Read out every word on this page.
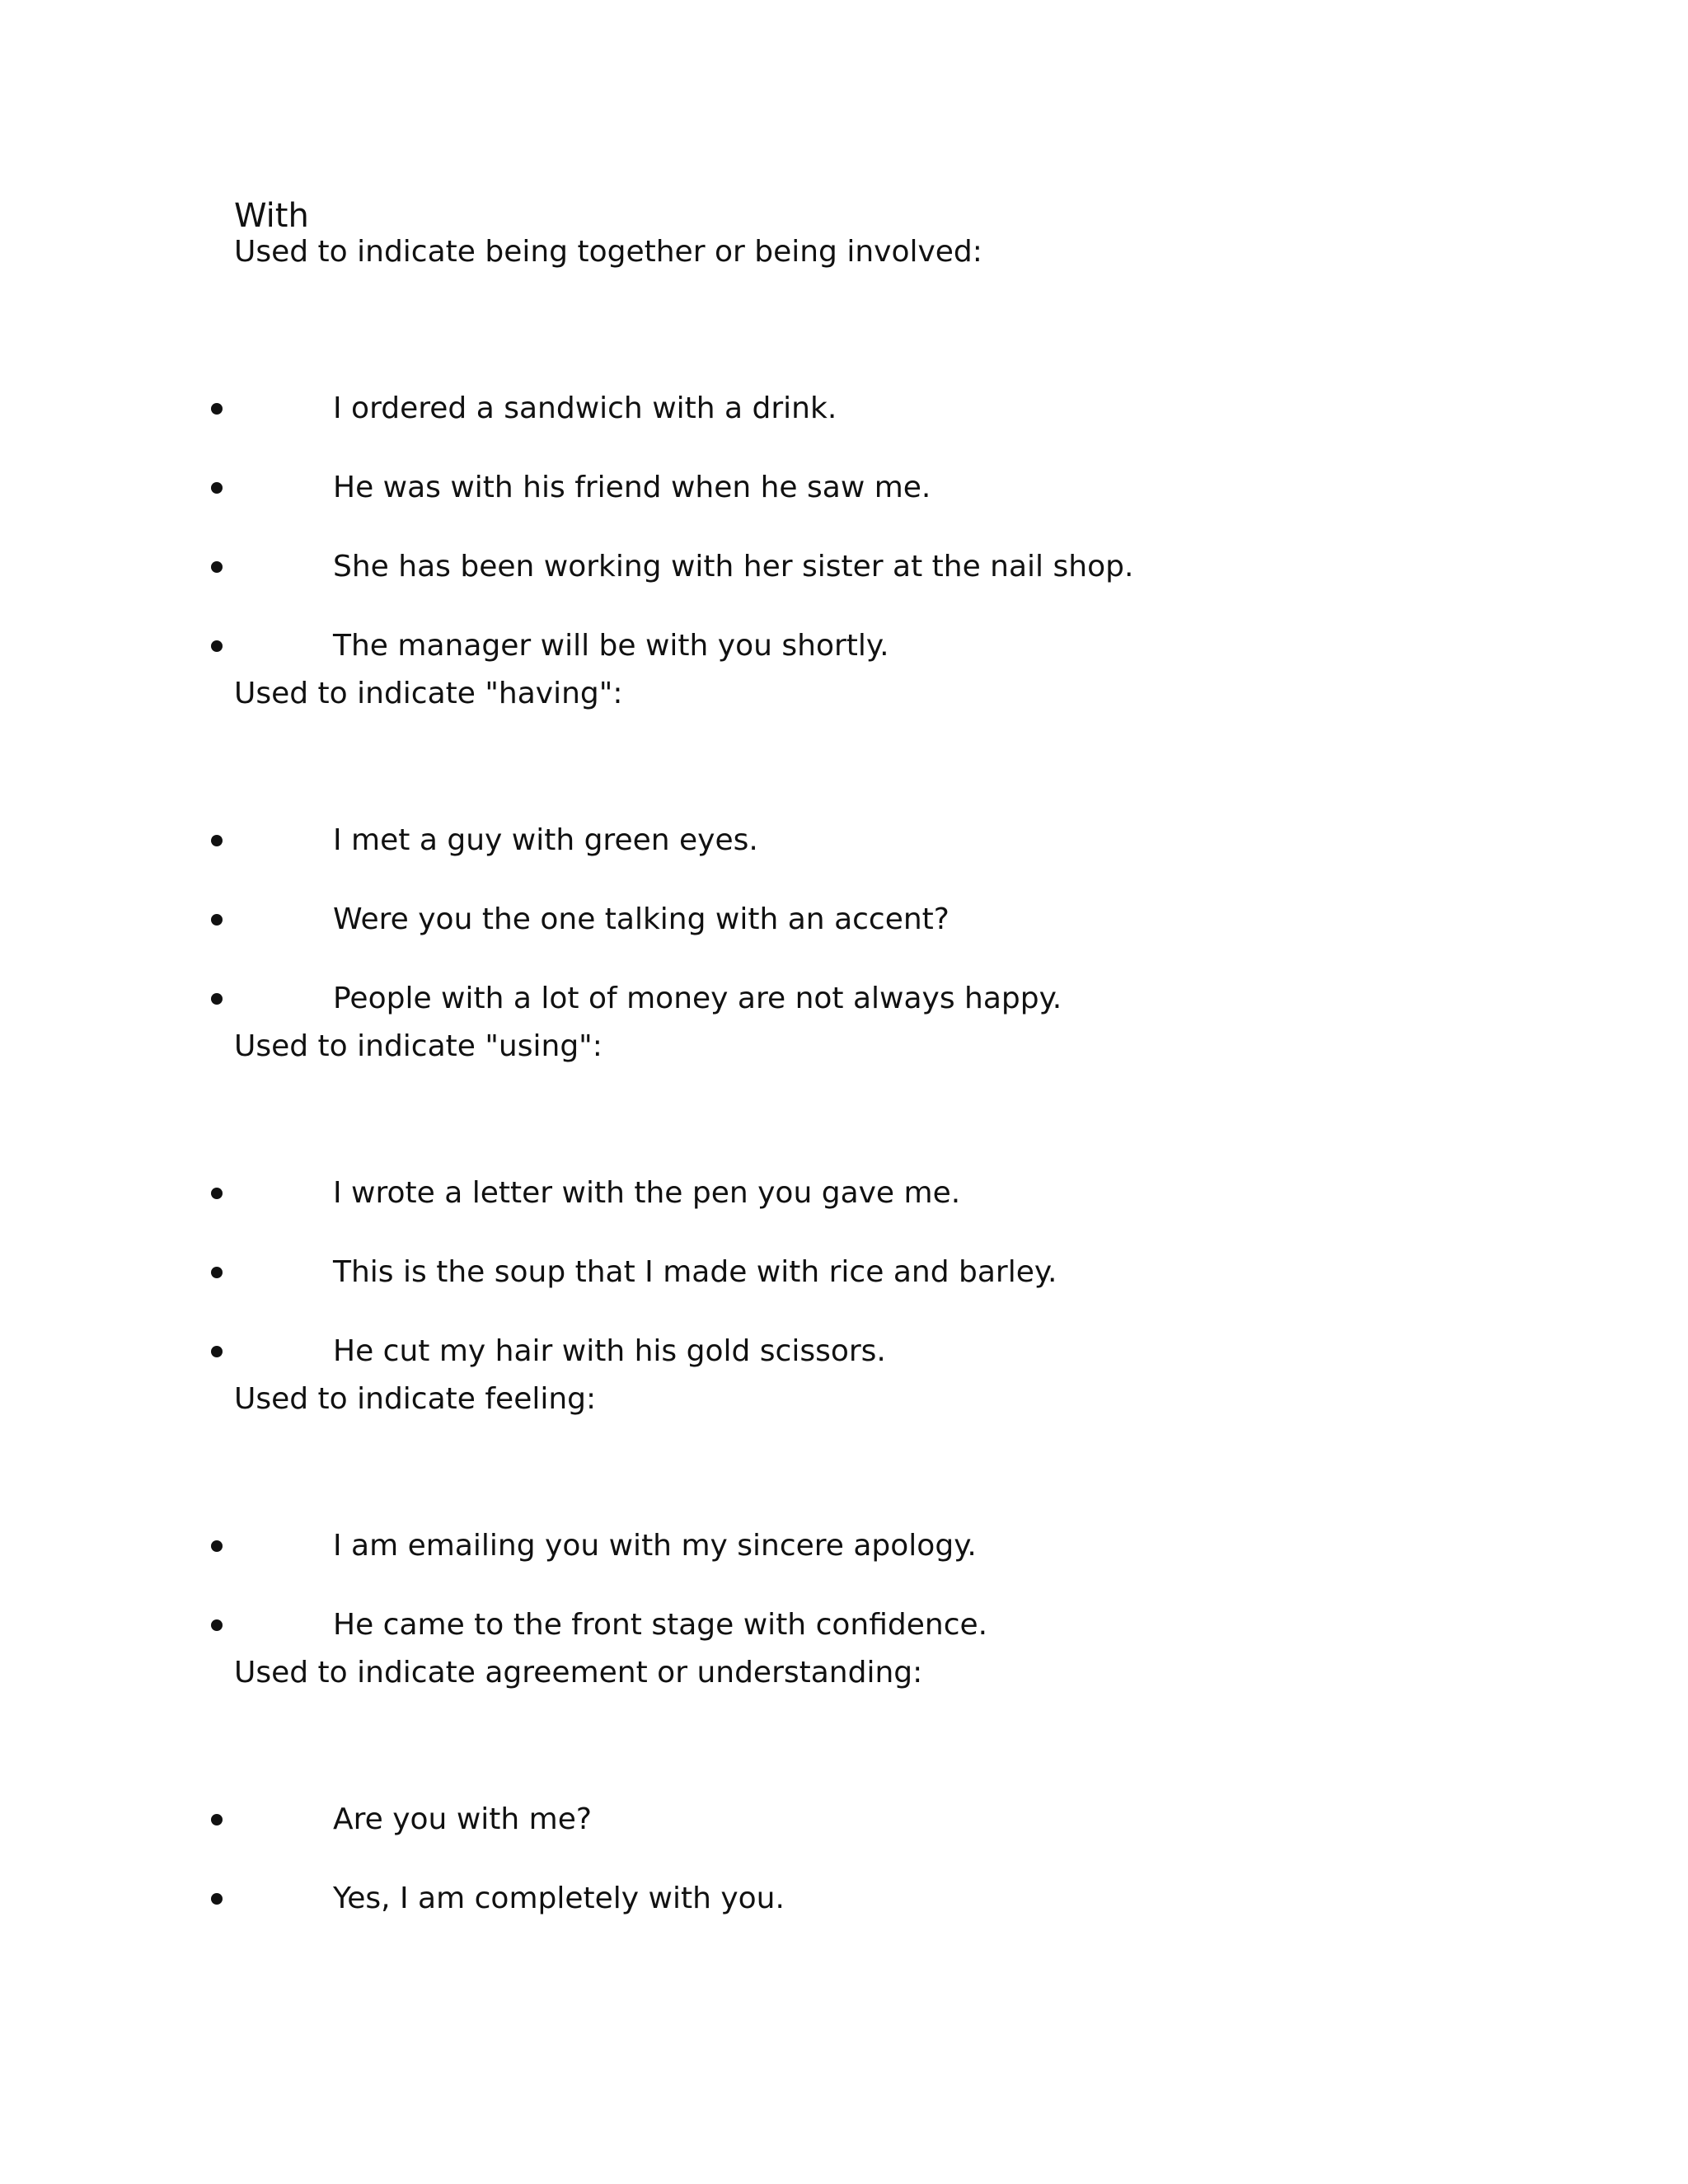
With
Used to indicate being together or being involved:
I ordered a sandwich with a drink.
He was with his friend when he saw me.
She has been working with her sister at the nail shop.
The manager will be with you shortly.
Used to indicate "having":
I met a guy with green eyes.
Were you the one talking with an accent?
People with a lot of money are not always happy.
Used to indicate "using":
I wrote a letter with the pen you gave me.
This is the soup that I made with rice and barley.
He cut my hair with his gold scissors.
Used to indicate feeling:
I am emailing you with my sincere apology.
He came to the front stage with confidence.
Used to indicate agreement or understanding:
Are you with me?
Yes, I am completely with you.
